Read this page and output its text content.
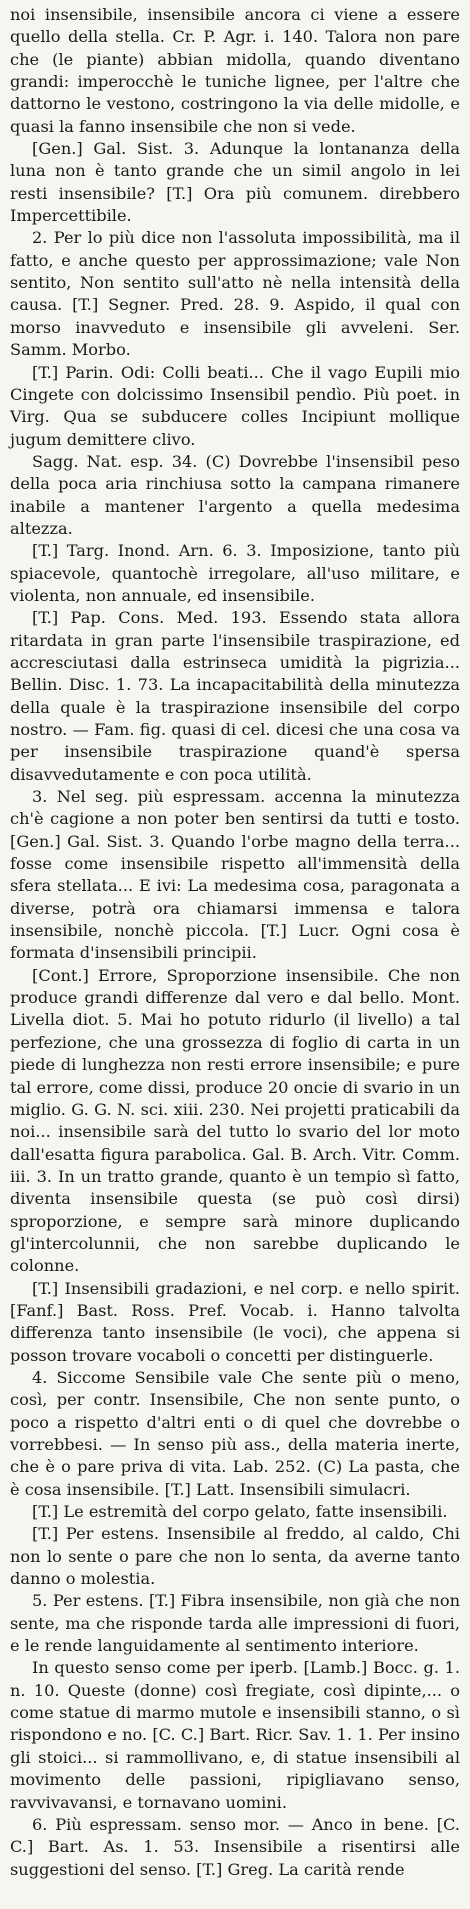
noi insensibile, insensibile ancora ci viene a essere quello della stella. Cr. P. Agr. i. 140. Talora non pare che (le piante) abbian midolla, quando diventano grandi: imperocchè le tuniche lignee, per l'altre che dattorno le vestono, costringono la via delle midolle, e quasi la fanno insensibile che non si vede.

[Gen.] Gal. Sist. 3. Adunque la lontananza della luna non è tanto grande che un simil angolo in lei resti insensibile? [T.] Ora più comunem. direbbero Impercettibile.

2. Per lo più dice non l'assoluta impossibilità, ma il fatto, e anche questo per approssimazione; vale Non sentito, Non sentito sull'atto nè nella intensità della causa. [T.] Segner. Pred. 28. 9. Aspido, il qual con morso inavveduto e insensibile gli avveleni. Ser. Samm. Morbo.

[T.] Parin. Odi: Colli beati... Che il vago Eupili mio Cingete con dolcissimo Insensibil pendìo. Più poet. in Virg. Qua se subducere colles Incipiunt mollique jugum demittere clivo.

Sagg. Nat. esp. 34. (C) Dovrebbe l'insensibil peso della poca aria rinchiusa sotto la campana rimanere inabile a mantener l'argento a quella medesima altezza.

[T.] Targ. Inond. Arn. 6. 3. Imposizione, tanto più spiacevole, quantochè irregolare, all'uso militare, e violenta, non annuale, ed insensibile.

[T.] Pap. Cons. Med. 193. Essendo stata allora ritardata in gran parte l'insensibile traspirazione, ed accresciutasi dalla estrinseca umidità la pigrizia... Bellin. Disc. 1. 73. La incapacitabilità della minutezza della quale è la traspirazione insensibile del corpo nostro. — Fam. fig. quasi di cel. dicesi che una cosa va per insensibile traspirazione quand'è spersa disavvedutamente e con poca utilità.

3. Nel seg. più espressam. accenna la minutezza ch'è cagione a non poter ben sentirsi da tutti e tosto. [Gen.] Gal. Sist. 3. Quando l'orbe magno della terra... fosse come insensibile rispetto all'immensità della sfera stellata... E ivi: La medesima cosa, paragonata a diverse, potrà ora chiamarsi immensa e talora insensibile, nonchè piccola. [T.] Lucr. Ogni cosa è formata d'insensibili principii.

[Cont.] Errore, Sproporzione insensibile. Che non produce grandi differenze dal vero e dal bello. Mont. Livella diot. 5. Mai ho potuto ridurlo (il livello) a tal perfezione, che una grossezza di foglio di carta in un piede di lunghezza non resti errore insensibile; e pure tal errore, come dissi, produce 20 oncie di svario in un miglio. G. G. N. sci. xiii. 230. Nei projetti praticabili da noi... insensibile sarà del tutto lo svario del lor moto dall'esatta figura parabolica. Gal. B. Arch. Vitr. Comm. iii. 3. In un tratto grande, quanto è un tempio sì fatto, diventa insensibile questa (se può così dirsi) sproporzione, e sempre sarà minore duplicando gl'intercolunnii, che non sarebbe duplicando le colonne.

[T.] Insensibili gradazioni, e nel corp. e nello spirit. [Fanf.] Bast. Ross. Pref. Vocab. i. Hanno talvolta differenza tanto insensibile (le voci), che appena si posson trovare vocaboli o concetti per distinguerle.

4. Siccome Sensibile vale Che sente più o meno, così, per contr. Insensibile, Che non sente punto, o poco a rispetto d'altri enti o di quel che dovrebbe o vorrebbesi. — In senso più ass., della materia inerte, che è o pare priva di vita. Lab. 252. (C) La pasta, che è cosa insensibile. [T.] Latt. Insensibili simulacri.

[T.] Le estremità del corpo gelato, fatte insensibili.

[T.] Per estens. Insensibile al freddo, al caldo, Chi non lo sente o pare che non lo senta, da averne tanto danno o molestia.

5. Per estens. [T.] Fibra insensibile, non già che non sente, ma che risponde tarda alle impressioni di fuori, e le rende languidamente al sentimento interiore.

In questo senso come per iperb. [Lamb.] Bocc. g. 1. n. 10. Queste (donne) così fregiate, così dipinte,... o come statue di marmo mutole e insensibili stanno, o sì rispondono e no. [C. C.] Bart. Ricr. Sav. 1. 1. Per insino gli stoici... si rammollivano, e, di statue insensibili al movimento delle passioni, ripigliavano senso, ravvivavansi, e tornavano uomini.

6. Più espressam. senso mor. — Anco in bene. [C. C.] Bart. As. 1. 53. Insensibile a risentirsi alle suggestioni del senso. [T.] Greg. La carità rende
